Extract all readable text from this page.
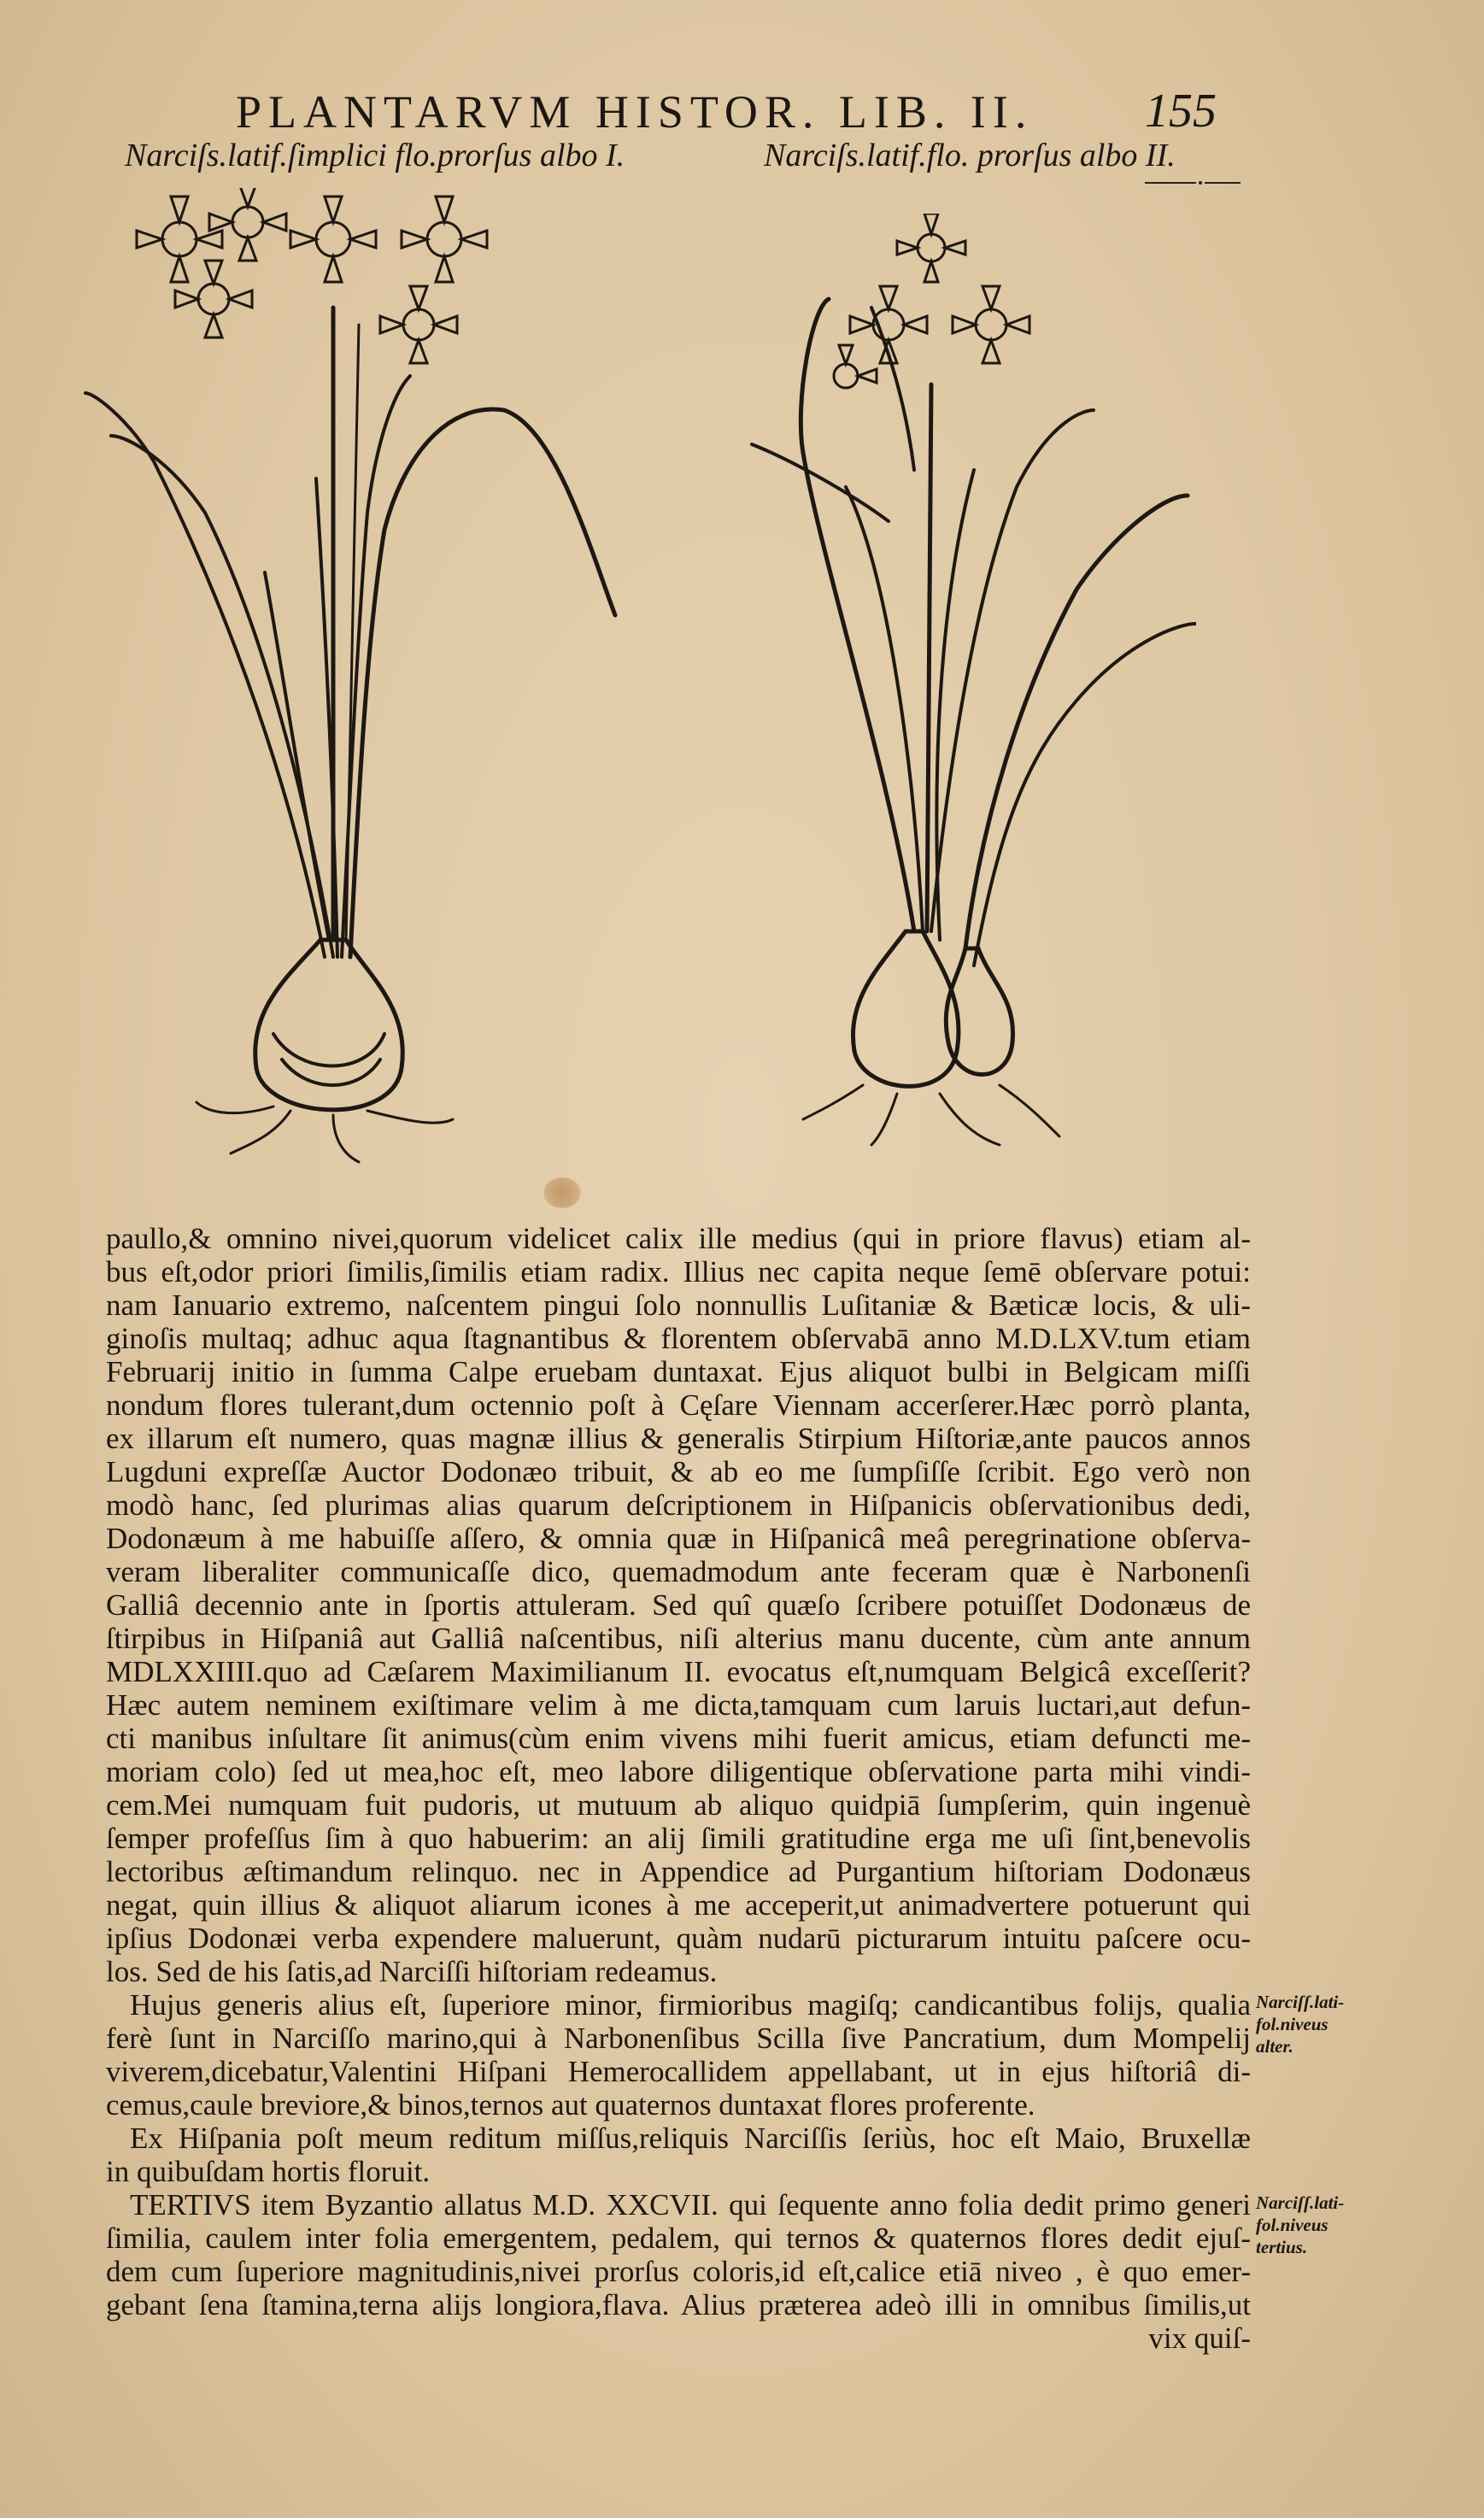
PLANTARVM HISTOR. LIB. II. 155
Narciſs.latif.ſimplici flo.prorſus albo I.	Narciſs.latif.flo. prorſus albo II.
paullo,& omnino nivei,quorum videlicet calix ille medius (qui in priore flavus) etiam al-
bus eſt,odor priori ſimilis,ſimilis etiam radix. Illius nec capita neque ſemē obſervare potui:
nam Ianuario extremo, naſcentem pingui ſolo nonnullis Luſitaniæ & Bæticæ locis, & uli-
ginoſis multaq; adhuc aqua ſtagnantibus & florentem obſervabā anno M.D.LXV.tum etiam
Februarij initio in ſumma Calpe eruebam duntaxat. Ejus aliquot bulbi in Belgicam miſſi
nondum flores tulerant,dum octennio poſt à Cęſare Viennam accerſerer.Hæc porrò planta,
ex illarum eſt numero, quas magnæ illius & generalis Stirpium Hiſtoriæ,ante paucos annos
Lugduni expreſſæ Auctor Dodonæo tribuit, & ab eo me ſumpſiſſe ſcribit. Ego verò non
modò hanc, ſed plurimas alias quarum deſcriptionem in Hiſpanicis obſervationibus dedi,
Dodonæum à me habuiſſe aſſero, & omnia quæ in Hiſpanicâ meâ peregrinatione obſerva-
veram liberaliter communicaſſe dico, quemadmodum ante feceram quæ è Narbonenſi
Galliâ decennio ante in ſportis attuleram. Sed quî quæſo ſcribere potuiſſet Dodonæus de
ſtirpibus in Hiſpaniâ aut Galliâ naſcentibus, niſi alterius manu ducente, cùm ante annum
MDLXXIIII.quo ad Cæſarem Maximilianum II. evocatus eſt,numquam Belgicâ exceſſerit?
Hæc autem neminem exiſtimare velim à me dicta,tamquam cum laruis luctari,aut defun-
cti manibus inſultare ſit animus(cùm enim vivens mihi fuerit amicus, etiam defuncti me-
moriam colo) ſed ut mea,hoc eſt, meo labore diligentique obſervatione parta mihi vindi-
cem.Mei numquam fuit pudoris, ut mutuum ab aliquo quidpiā ſumpſerim, quin ingenuè
ſemper profeſſus ſim à quo habuerim: an alij ſimili gratitudine erga me uſi ſint,benevolis
lectoribus æſtimandum relinquo. nec in Appendice ad Purgantium hiſtoriam Dodonæus
negat, quin illius & aliquot aliarum icones à me acceperit,ut animadvertere potuerunt qui
ipſius Dodonæi verba expendere maluerunt, quàm nudarū picturarum intuitu paſcere ocu-
los. Sed de his ſatis,ad Narciſſi hiſtoriam redeamus.
Hujus generis alius eſt, ſuperiore minor, firmioribus magiſq; candicantibus folijs, qualia
ferè ſunt in Narciſſo marino,qui à Narbonenſibus Scilla ſive Pancratium, dum Mompelij
viverem,dicebatur,Valentini Hiſpani Hemerocallidem appellabant, ut in ejus hiſtoriâ di-
cemus,caule breviore,& binos,ternos aut quaternos duntaxat flores proferente.
Ex Hiſpania poſt meum reditum miſſus,reliquis Narciſſis ſeriùs, hoc eſt Maio, Bruxellæ
in quibuſdam hortis floruit.
TERTIVS item Byzantio allatus M.D. XXCVII. qui ſequente anno folia dedit primo generi
ſimilia, caulem inter folia emergentem, pedalem, qui ternos & quaternos flores dedit ejuſ-
dem cum ſuperiore magnitudinis,nivei prorſus coloris,id eſt,calice etiā niveo , è quo emer-
gebant ſena ſtamina,terna alijs longiora,flava. Alius præterea adeò illi in omnibus ſimilis,ut
vix quiſ-
Narciſſ.lati-
fol.niveus
alter.
Narciſſ.lati-
fol.niveus
tertius.
